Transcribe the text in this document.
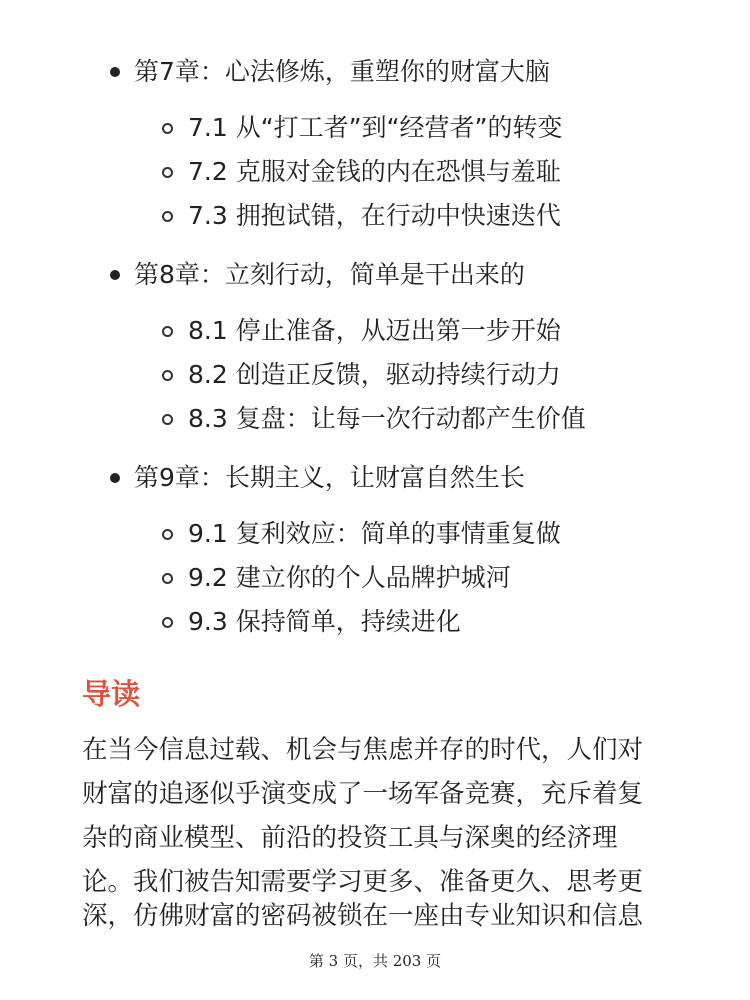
第7章：心法修炼，重塑你的财富大脑
7.1 从“打工者”到“经营者”的转变
7.2 克服对金钱的内在恐惧与羞耻
7.3 拥抱试错，在行动中快速迭代
第8章：立刻行动，简单是干出来的
8.1 停止准备，从迈出第一步开始
8.2 创造正反馈，驱动持续行动力
8.3 复盘：让每一次行动都产生价值
第9章：长期主义，让财富自然生长
9.1 复利效应：简单的事情重复做
9.2 建立你的个人品牌护城河
9.3 保持简单，持续进化
导读
在当今信息过载、机会与焦虑并存的时代，人们对
财富的追逐似乎演变成了一场军备竞赛，充斥着复
杂的商业模型、前沿的投资工具与深奥的经济理
论。我们被告知需要学习更多、准备更久、思考更
深，仿佛财富的密码被锁在一座由专业知识和信息
第 3 页，共 203 页
